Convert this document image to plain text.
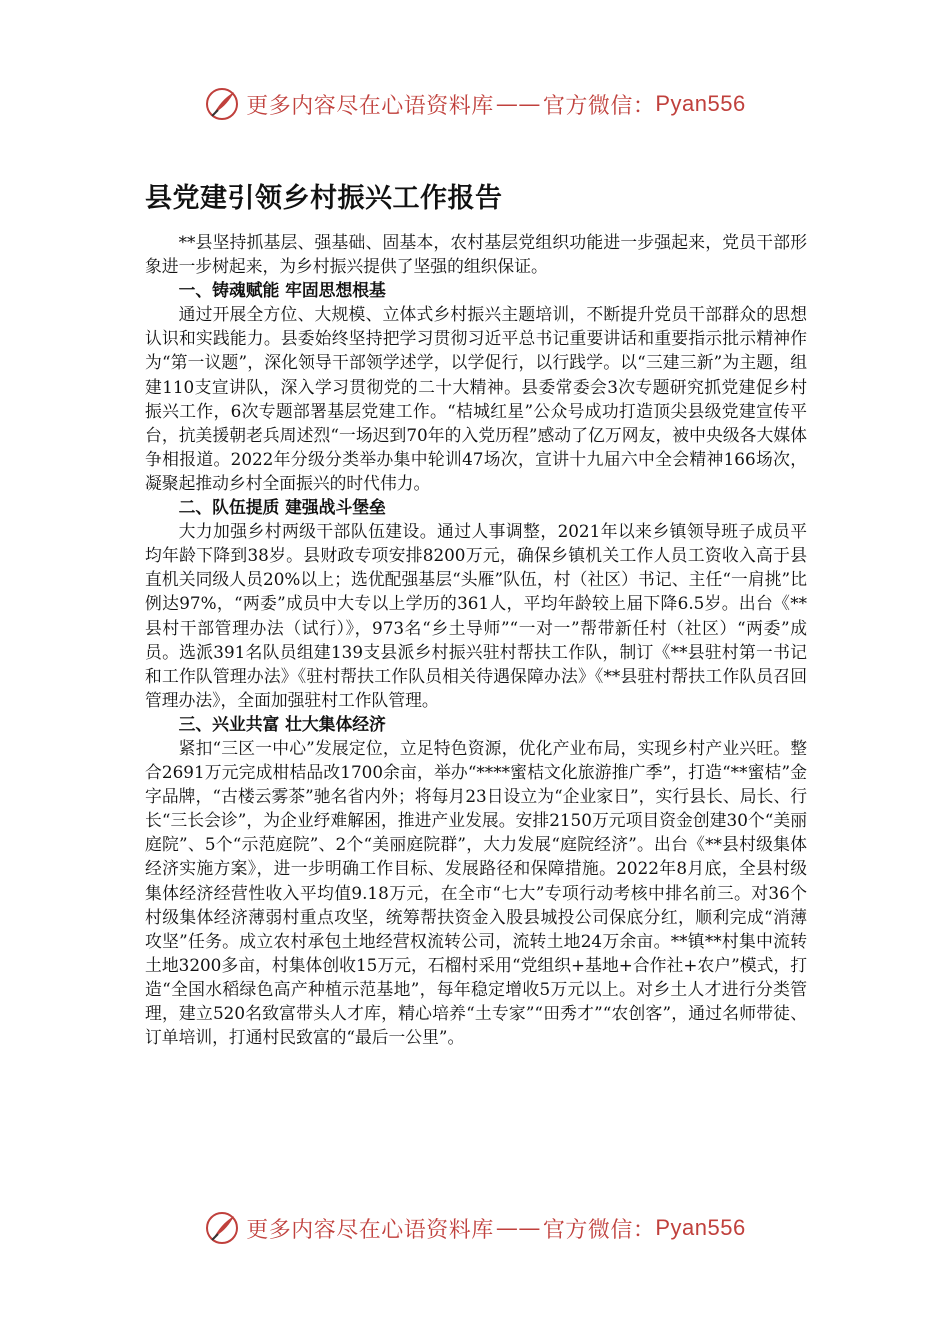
更多内容尽在心语资料库 —— 官方微信： Pyan556
县党建引领乡村振兴工作报告

**县坚持抓基层、强基础、固基本，农村基层党组织功能进一步强起来，党员干部形象进一步树起来，为乡村振兴提供了坚强的组织保证。

一、铸魂赋能 牢固思想根基

通过开展全方位、大规模、立体式乡村振兴主题培训，不断提升党员干部群众的思想认识和实践能力。县委始终坚持把学习贯彻习近平总书记重要讲话和重要指示批示精神作为“第一议题”，深化领导干部领学述学，以学促行，以行践学。以“三建三新”为主题，组建110支宣讲队，深入学习贯彻党的二十大精神。县委常委会3次专题研究抓党建促乡村振兴工作，6次专题部署基层党建工作。“桔城红星”公众号成功打造顶尖县级党建宣传平台，抗美援朝老兵周述烈“一场迟到70年的入党历程”感动了亿万网友，被中央级各大媒体争相报道。2022年分级分类举办集中轮训47场次，宣讲十九届六中全会精神166场次，凝聚起推动乡村全面振兴的时代伟力。

二、队伍提质 建强战斗堡垒

大力加强乡村两级干部队伍建设。通过人事调整，2021年以来乡镇领导班子成员平均年龄下降到38岁。县财政专项安排8200万元，确保乡镇机关工作人员工资收入高于县直机关同级人员20%以上；选优配强基层“头雁”队伍，村（社区）书记、主任“一肩挑”比例达97%，“两委”成员中大专以上学历的361人，平均年龄较上届下降6.5岁。出台《**县村干部管理办法（试行）》，973名“乡土导师”“一对一”帮带新任村（社区）“两委”成员。选派391名队员组建139支县派乡村振兴驻村帮扶工作队，制订《**县驻村第一书记和工作队管理办法》《驻村帮扶工作队员相关待遇保障办法》《**县驻村帮扶工作队员召回管理办法》，全面加强驻村工作队管理。

三、兴业共富 壮大集体经济

紧扣“三区一中心”发展定位，立足特色资源，优化产业布局，实现乡村产业兴旺。整合2691万元完成柑桔品改1700余亩，举办“****蜜桔文化旅游推广季”，打造“**蜜桔”金字品牌，“古楼云雾茶”驰名省内外；将每月23日设立为“企业家日”，实行县长、局长、行长“三长会诊”，为企业纾难解困，推进产业发展。安排2150万元项目资金创建30个“美丽庭院”、5个“示范庭院”、2个“美丽庭院群”，大力发展“庭院经济”。出台《**县村级集体经济实施方案》，进一步明确工作目标、发展路径和保障措施。2022年8月底，全县村级集体经济经营性收入平均值9.18万元，在全市“七大”专项行动考核中排名前三。对36个村级集体经济薄弱村重点攻坚，统筹帮扶资金入股县城投公司保底分红，顺利完成“消薄攻坚”任务。成立农村承包土地经营权流转公司，流转土地24万余亩。**镇**村集中流转土地3200多亩，村集体创收15万元，石榴村采用“党组织+基地+合作社+农户”模式，打造“全国水稻绿色高产种植示范基地”，每年稳定增收5万元以上。对乡土人才进行分类管理，建立520名致富带头人才库，精心培养“土专家”“田秀才”“农创客”，通过名师带徒、订单培训，打通村民致富的“最后一公里”。

更多内容尽在心语资料库 —— 官方微信： Pyan556
